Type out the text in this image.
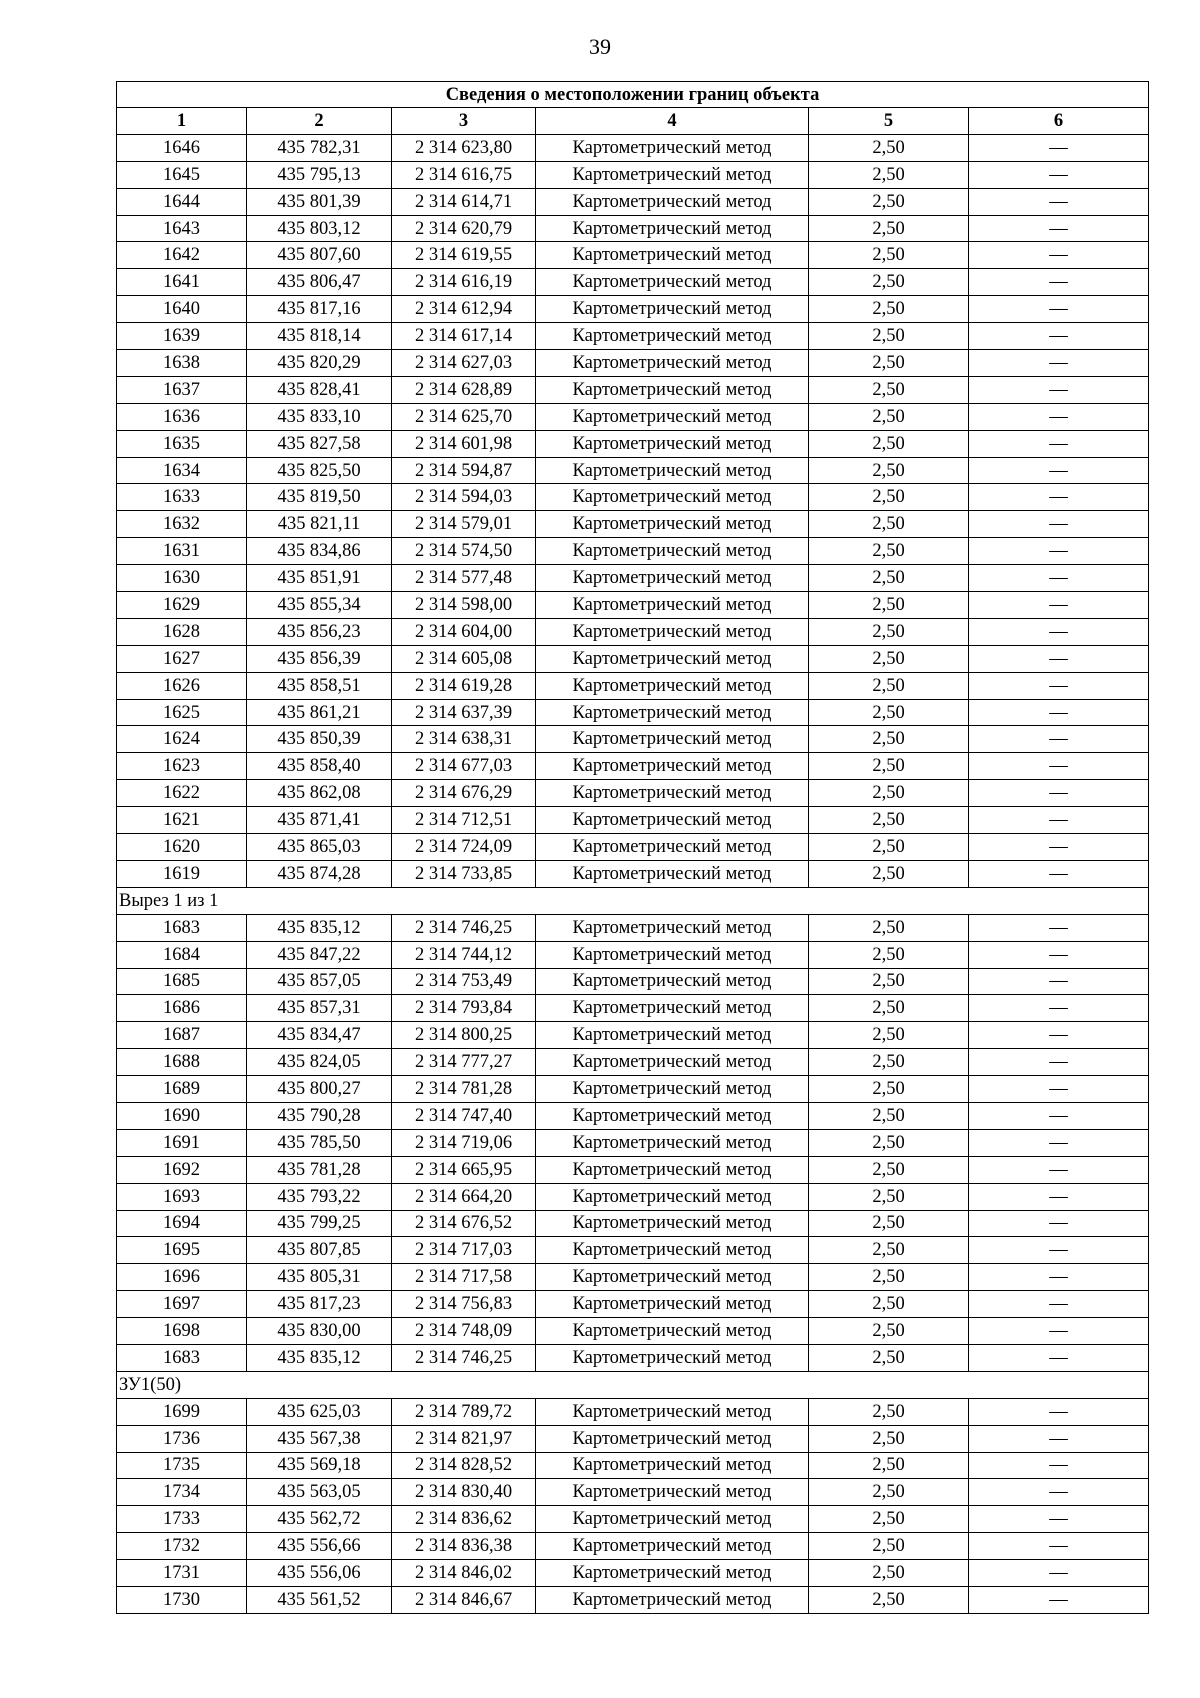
39
Сведения о местоположении границ объекта					
1	2	3	4	5	6
1646	435 782,31	2 314 623,80	Картометрический метод	2,50	—
1645	435 795,13	2 314 616,75	Картометрический метод	2,50	—
1644	435 801,39	2 314 614,71	Картометрический метод	2,50	—
1643	435 803,12	2 314 620,79	Картометрический метод	2,50	—
1642	435 807,60	2 314 619,55	Картометрический метод	2,50	—
1641	435 806,47	2 314 616,19	Картометрический метод	2,50	—
1640	435 817,16	2 314 612,94	Картометрический метод	2,50	—
1639	435 818,14	2 314 617,14	Картометрический метод	2,50	—
1638	435 820,29	2 314 627,03	Картометрический метод	2,50	—
1637	435 828,41	2 314 628,89	Картометрический метод	2,50	—
1636	435 833,10	2 314 625,70	Картометрический метод	2,50	—
1635	435 827,58	2 314 601,98	Картометрический метод	2,50	—
1634	435 825,50	2 314 594,87	Картометрический метод	2,50	—
1633	435 819,50	2 314 594,03	Картометрический метод	2,50	—
1632	435 821,11	2 314 579,01	Картометрический метод	2,50	—
1631	435 834,86	2 314 574,50	Картометрический метод	2,50	—
1630	435 851,91	2 314 577,48	Картометрический метод	2,50	—
1629	435 855,34	2 314 598,00	Картометрический метод	2,50	—
1628	435 856,23	2 314 604,00	Картометрический метод	2,50	—
1627	435 856,39	2 314 605,08	Картометрический метод	2,50	—
1626	435 858,51	2 314 619,28	Картометрический метод	2,50	—
1625	435 861,21	2 314 637,39	Картометрический метод	2,50	—
1624	435 850,39	2 314 638,31	Картометрический метод	2,50	—
1623	435 858,40	2 314 677,03	Картометрический метод	2,50	—
1622	435 862,08	2 314 676,29	Картометрический метод	2,50	—
1621	435 871,41	2 314 712,51	Картометрический метод	2,50	—
1620	435 865,03	2 314 724,09	Картометрический метод	2,50	—
1619	435 874,28	2 314 733,85	Картометрический метод	2,50	—
Вырез 1 из 1					
1683	435 835,12	2 314 746,25	Картометрический метод	2,50	—
1684	435 847,22	2 314 744,12	Картометрический метод	2,50	—
1685	435 857,05	2 314 753,49	Картометрический метод	2,50	—
1686	435 857,31	2 314 793,84	Картометрический метод	2,50	—
1687	435 834,47	2 314 800,25	Картометрический метод	2,50	—
1688	435 824,05	2 314 777,27	Картометрический метод	2,50	—
1689	435 800,27	2 314 781,28	Картометрический метод	2,50	—
1690	435 790,28	2 314 747,40	Картометрический метод	2,50	—
1691	435 785,50	2 314 719,06	Картометрический метод	2,50	—
1692	435 781,28	2 314 665,95	Картометрический метод	2,50	—
1693	435 793,22	2 314 664,20	Картометрический метод	2,50	—
1694	435 799,25	2 314 676,52	Картометрический метод	2,50	—
1695	435 807,85	2 314 717,03	Картометрический метод	2,50	—
1696	435 805,31	2 314 717,58	Картометрический метод	2,50	—
1697	435 817,23	2 314 756,83	Картометрический метод	2,50	—
1698	435 830,00	2 314 748,09	Картометрический метод	2,50	—
1683	435 835,12	2 314 746,25	Картометрический метод	2,50	—
ЗУ1(50)					
1699	435 625,03	2 314 789,72	Картометрический метод	2,50	—
1736	435 567,38	2 314 821,97	Картометрический метод	2,50	—
1735	435 569,18	2 314 828,52	Картометрический метод	2,50	—
1734	435 563,05	2 314 830,40	Картометрический метод	2,50	—
1733	435 562,72	2 314 836,62	Картометрический метод	2,50	—
1732	435 556,66	2 314 836,38	Картометрический метод	2,50	—
1731	435 556,06	2 314 846,02	Картометрический метод	2,50	—
1730	435 561,52	2 314 846,67	Картометрический метод	2,50	—
